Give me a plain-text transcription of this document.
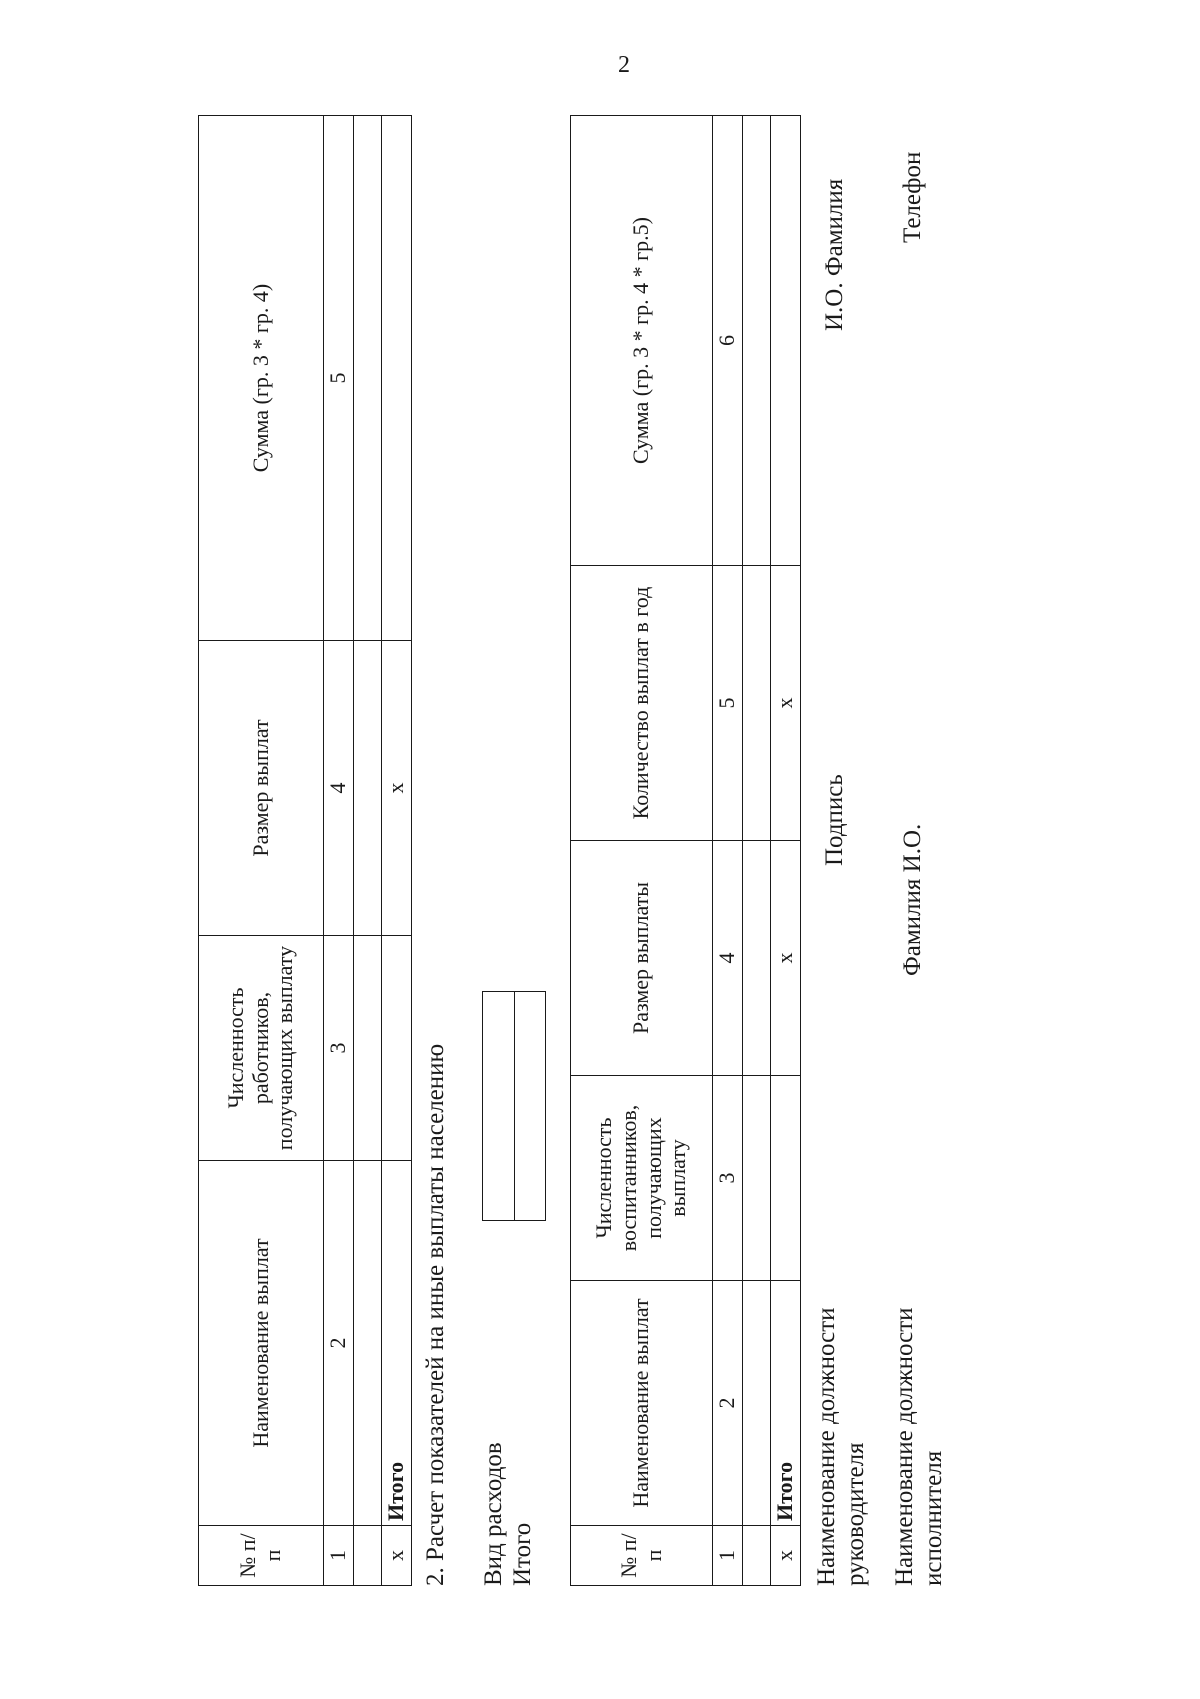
2
№ п/п	Наименование выплат	Численность работников, получающих выплату	Размер выплат	Сумма (гр. 3 * гр. 4)
1	2	3	4	5

х	Итого		х	
2. Расчет показателей на иные выплаты населению Вид расходов Итого	№ п/п	Наименование выплат	Численность воспитанников, получающих выплату	Размер выплаты	Количество выплат в год	Сумма (гр. 3 * гр. 4 * гр.5)
1	2	3	4	5	6

х	Итого		х	х	
Наименование должности руководителя Наименование должности исполнителя
Подпись
И.О. Фамилия
Фамилия И.О.
Телефон
